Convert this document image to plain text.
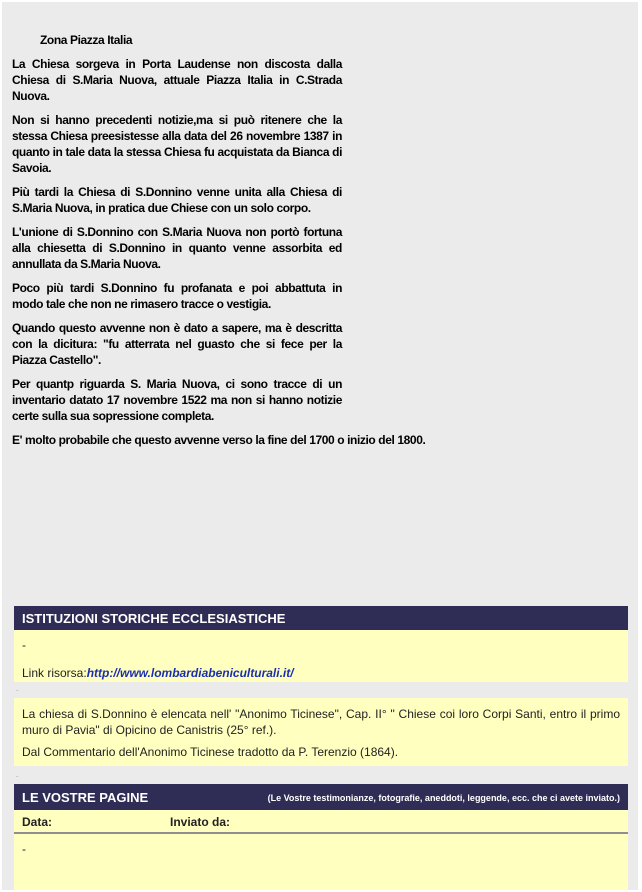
Zona Piazza Italia

La Chiesa sorgeva in Porta Laudense non discosta dalla Chiesa di S.Maria Nuova, attuale Piazza Italia in C.Strada Nuova.

Non si hanno precedenti notizie,ma si può ritenere che la stessa Chiesa preesistesse alla data del 26 novembre 1387 in quanto in tale data la stessa Chiesa fu acquistata da Bianca di Savoia.

Più tardi la Chiesa di S.Donnino venne unita alla Chiesa di S.Maria Nuova, in pratica due Chiese con un solo corpo.

L'unione di S.Donnino con S.Maria Nuova non portò fortuna alla chiesetta di S.Donnino in quanto venne assorbita ed annullata da S.Maria Nuova.

Poco più tardi S.Donnino fu profanata e poi abbattuta in modo tale che non ne rimasero tracce o vestigia.

Quando questo avvenne non è dato a sapere, ma è descritta con la dicitura: "fu atterrata nel guasto che si fece per la Piazza Castello".

Per quantp riguarda S. Maria Nuova, ci sono tracce di un inventario datato 17 novembre 1522 ma non si hanno notizie certe sulla sua sopressione completa.

E' molto probabile che questo avvenne verso la fine del 1700 o inizio del 1800.

ISTITUZIONI STORICHE ECCLESIASTICHE
-
Link risorsa:http://www.lombardiabeniculturali.it/
.

La chiesa di S.Donnino è elencata nell' "Anonimo Ticinese", Cap. II° " Chiese coi loro Corpi Santi, entro il primo muro di Pavia" di Opicino de Canistris (25° ref.).

Dal Commentario dell'Anonimo Ticinese tradotto da P. Terenzio (1864).

.
LE VOSTRE PAGINE	(Le Vostre testimonianze, fotografie, aneddoti, leggende, ecc. che ci avete inviato.)
Data:	Inviato da:
-
